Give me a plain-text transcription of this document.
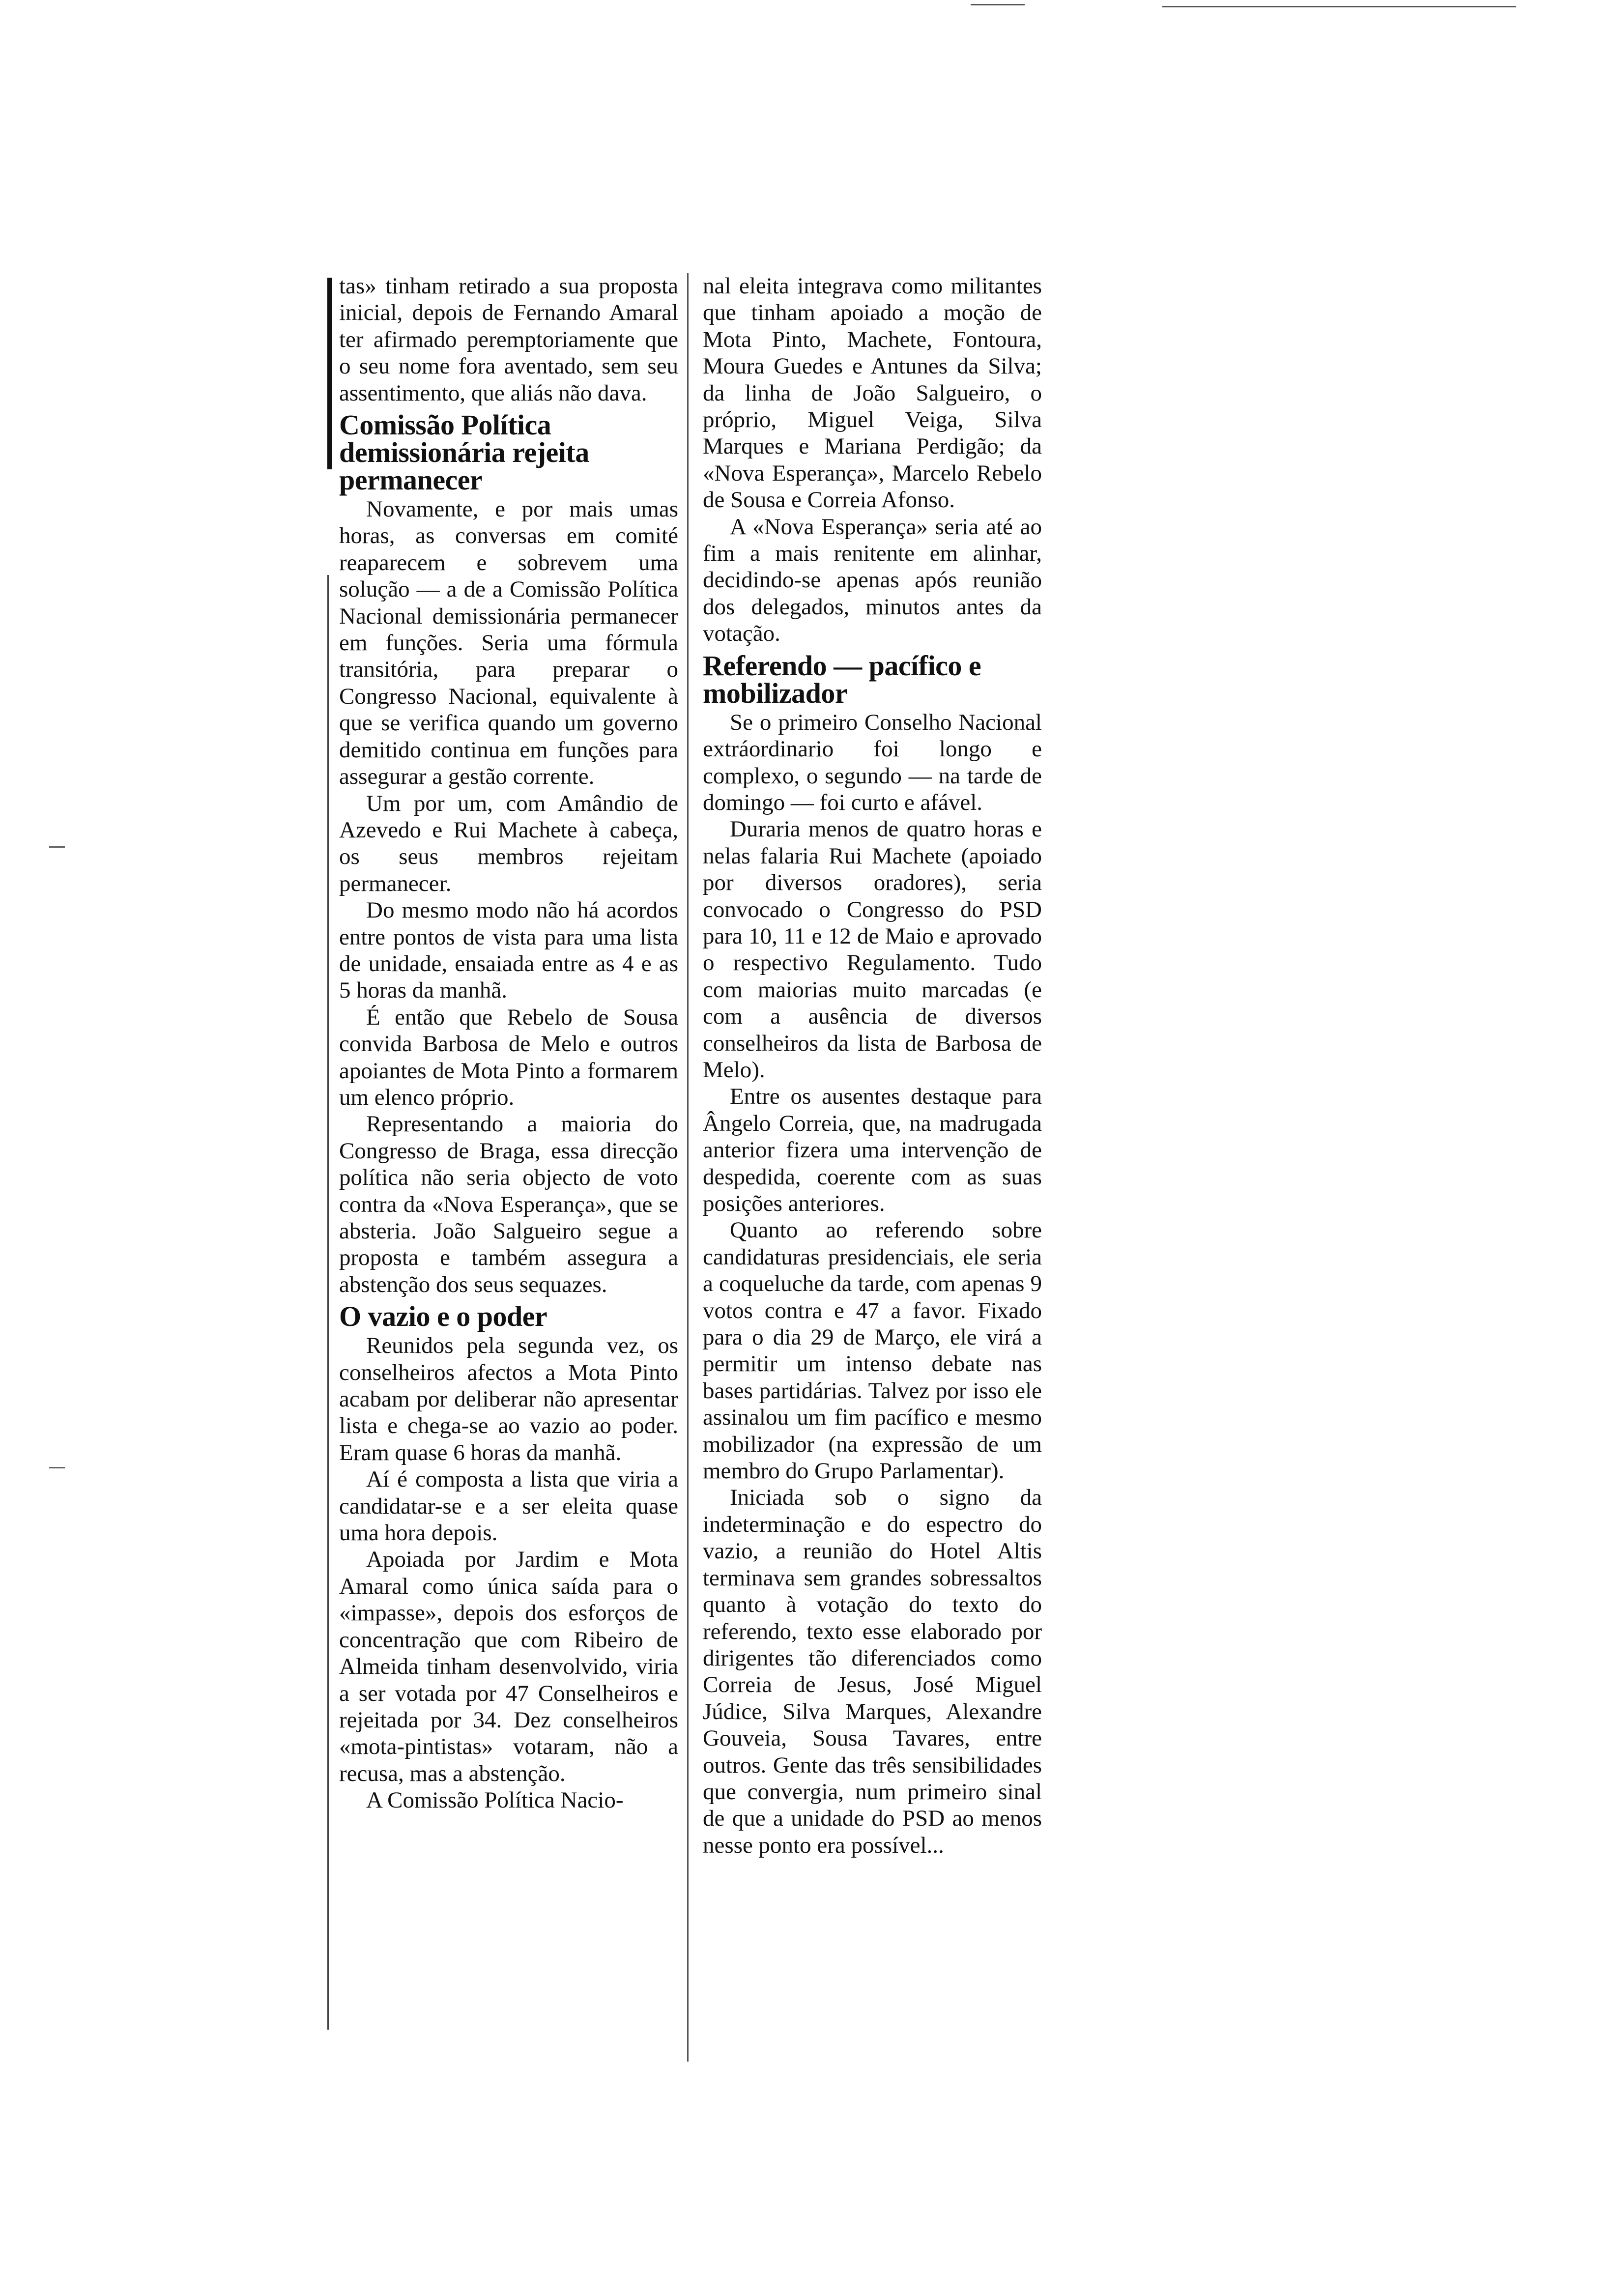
tas» tinham retirado a sua proposta inicial, depois de Fernando Amaral ter afirmado peremptoriamente que o seu nome fora aventado, sem seu assentimento, que aliás não dava.

Comissão Política demissionária rejeita permanecer

Novamente, e por mais umas horas, as conversas em comité reaparecem e sobrevem uma solução — a de a Comissão Política Nacional demissionária permanecer em funções. Seria uma fórmula transitória, para preparar o Congresso Nacional, equivalente à que se verifica quando um governo demitido continua em funções para assegurar a gestão corrente.

Um por um, com Amândio de Azevedo e Rui Machete à cabeça, os seus membros rejeitam permanecer.

Do mesmo modo não há acordos entre pontos de vista para uma lista de unidade, ensaiada entre as 4 e as 5 horas da manhã.

É então que Rebelo de Sousa convida Barbosa de Melo e outros apoiantes de Mota Pinto a formarem um elenco próprio.

Representando a maioria do Congresso de Braga, essa direcção política não seria objecto de voto contra da «Nova Esperança», que se absteria. João Salgueiro segue a proposta e também assegura a abstenção dos seus sequazes.

O vazio e o poder

Reunidos pela segunda vez, os conselheiros afectos a Mota Pinto acabam por deliberar não apresentar lista e chega-se ao vazio ao poder. Eram quase 6 horas da manhã.

Aí é composta a lista que viria a candidatar-se e a ser eleita quase uma hora depois.

Apoiada por Jardim e Mota Amaral como única saída para o «impasse», depois dos esforços de concentração que com Ribeiro de Almeida tinham desenvolvido, viria a ser votada por 47 Conselheiros e rejeitada por 34. Dez conselheiros «mota-pintistas» votaram, não a recusa, mas a abstenção.

A Comissão Política Nacio-

nal eleita integrava como militantes que tinham apoiado a moção de Mota Pinto, Machete, Fontoura, Moura Guedes e Antunes da Silva; da linha de João Salgueiro, o próprio, Miguel Veiga, Silva Marques e Mariana Perdigão; da «Nova Esperança», Marcelo Rebelo de Sousa e Correia Afonso.

A «Nova Esperança» seria até ao fim a mais renitente em alinhar, decidindo-se apenas após reunião dos delegados, minutos antes da votação.

Referendo — pacífico e mobilizador

Se o primeiro Conselho Nacional extráordinario foi longo e complexo, o segundo — na tarde de domingo — foi curto e afável.

Duraria menos de quatro horas e nelas falaria Rui Machete (apoiado por diversos oradores), seria convocado o Congresso do PSD para 10, 11 e 12 de Maio e aprovado o respectivo Regulamento. Tudo com maiorias muito marcadas (e com a ausência de diversos conselheiros da lista de Barbosa de Melo).

Entre os ausentes destaque para Ângelo Correia, que, na madrugada anterior fizera uma intervenção de despedida, coerente com as suas posições anteriores.

Quanto ao referendo sobre candidaturas presidenciais, ele seria a coqueluche da tarde, com apenas 9 votos contra e 47 a favor. Fixado para o dia 29 de Março, ele virá a permitir um intenso debate nas bases partidárias. Talvez por isso ele assinalou um fim pacífico e mesmo mobilizador (na expressão de um membro do Grupo Parlamentar).

Iniciada sob o signo da indeterminação e do espectro do vazio, a reunião do Hotel Altis terminava sem grandes sobressaltos quanto à votação do texto do referendo, texto esse elaborado por dirigentes tão diferenciados como Correia de Jesus, José Miguel Júdice, Silva Marques, Alexandre Gouveia, Sousa Tavares, entre outros. Gente das três sensibilidades que convergia, num primeiro sinal de que a unidade do PSD ao menos nesse ponto era possível...
